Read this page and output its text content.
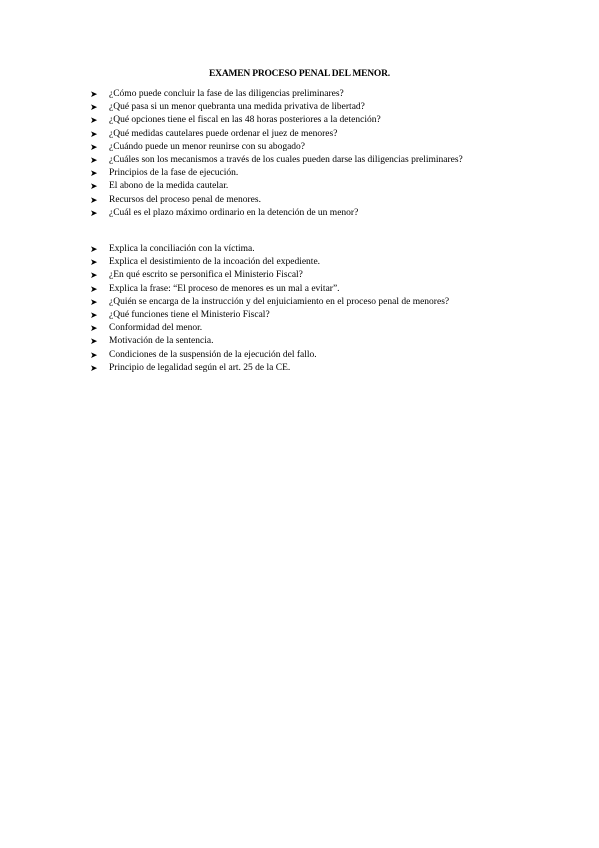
EXAMEN PROCESO PENAL DEL MENOR.
➤ ¿Cómo puede concluir la fase de las diligencias preliminares?
➤ ¿Qué pasa si un menor quebranta una medida privativa de libertad?
➤ ¿Qué opciones tiene el fiscal en las 48 horas posteriores a la detención?
➤ ¿Qué medidas cautelares puede ordenar el juez de menores?
➤ ¿Cuándo puede un menor reunirse con su abogado?
➤ ¿Cuáles son los mecanismos a través de los cuales pueden darse las diligencias preliminares?
➤ Principios de la fase de ejecución.
➤ El abono de la medida cautelar.
➤ Recursos del proceso penal de menores.
➤ ¿Cuál es el plazo máximo ordinario en la detención de un menor?
➤ Explica la conciliación con la víctima.
➤ Explica el desistimiento de la incoación del expediente.
➤ ¿En qué escrito se personifica el Ministerio Fiscal?
➤ Explica la frase: “El proceso de menores es un mal a evitar”.
➤ ¿Quién se encarga de la instrucción y del enjuiciamiento en el proceso penal de menores?
➤ ¿Qué funciones tiene el Ministerio Fiscal?
➤ Conformidad del menor.
➤ Motivación de la sentencia.
➤ Condiciones de la suspensión de la ejecución del fallo.
➤ Principio de legalidad según el art. 25 de la CE.
